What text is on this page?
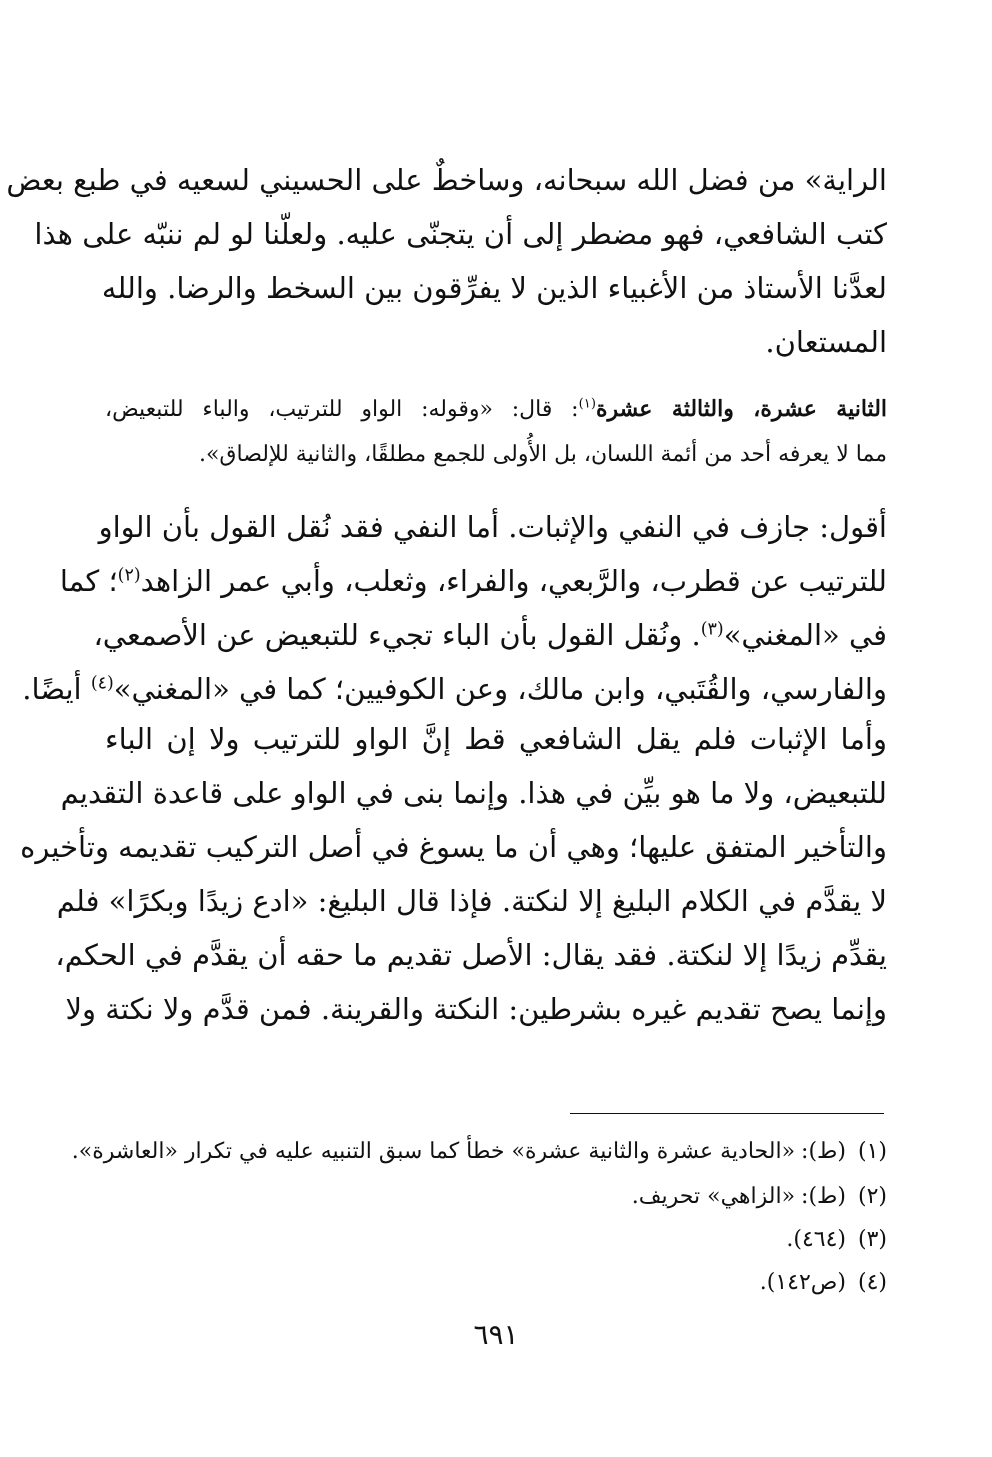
الراية» من فضل الله سبحانه، وساخطٌ على الحسيني لسعيه في طبع بعض
كتب الشافعي، فهو مضطر إلى أن يتجنّى عليه. ولعلّنا لو لم ننبّه على هذا
لعدَّنا الأستاذ من الأغبياء الذين لا يفرِّقون بين السخط والرضا. والله
المستعان.
الثانية عشرة، والثالثة عشرة$^{(١)}$: قال: «وقوله: الواو للترتيب، والباء للتبعيض،
مما لا يعرفه أحد من أئمة اللسان، بل الأُولى للجمع مطلقًا، والثانية للإلصاق».
أقول: جازف في النفي والإثبات. أما النفي فقد نُقل القول بأن الواو
للترتيب عن قطرب، والرَّبعي، والفراء، وثعلب، وأبي عمر الزاهد$^{(٢)}$؛ كما
في «المغني»$^{(٣)}$. ونُقل القول بأن الباء تجيء للتبعيض عن الأصمعي،
والفارسي، والقُتَبي، وابن مالك، وعن الكوفيين؛ كما في «المغني»$^{(٤)}$ أيضًا.
وأما الإثبات فلم يقل الشافعي قط إنَّ الواو للترتيب ولا إن الباء
للتبعيض، ولا ما هو بيِّن في هذا. وإنما بنى في الواو على قاعدة التقديم
والتأخير المتفق عليها؛ وهي أن ما يسوغ في أصل التركيب تقديمه وتأخيره
لا يقدَّم في الكلام البليغ إلا لنكتة. فإذا قال البليغ: «ادع زيدًا وبكرًا» فلم
يقدِّم زيدًا إلا لنكتة. فقد يقال: الأصل تقديم ما حقه أن يقدَّم في الحكم،
وإنما يصح تقديم غيره بشرطين: النكتة والقرينة. فمن قدَّم ولا نكتة ولا
(١)(ط):«الحادية عشرة والثانية عشرة» خطأ كما سبق التنبيه عليه في تكرار «العاشرة».
(٢)(ط):«الزاهي» تحريف.
(٣)(٤٦٤).
(٤)(ص١٤٢).
٦٩١
